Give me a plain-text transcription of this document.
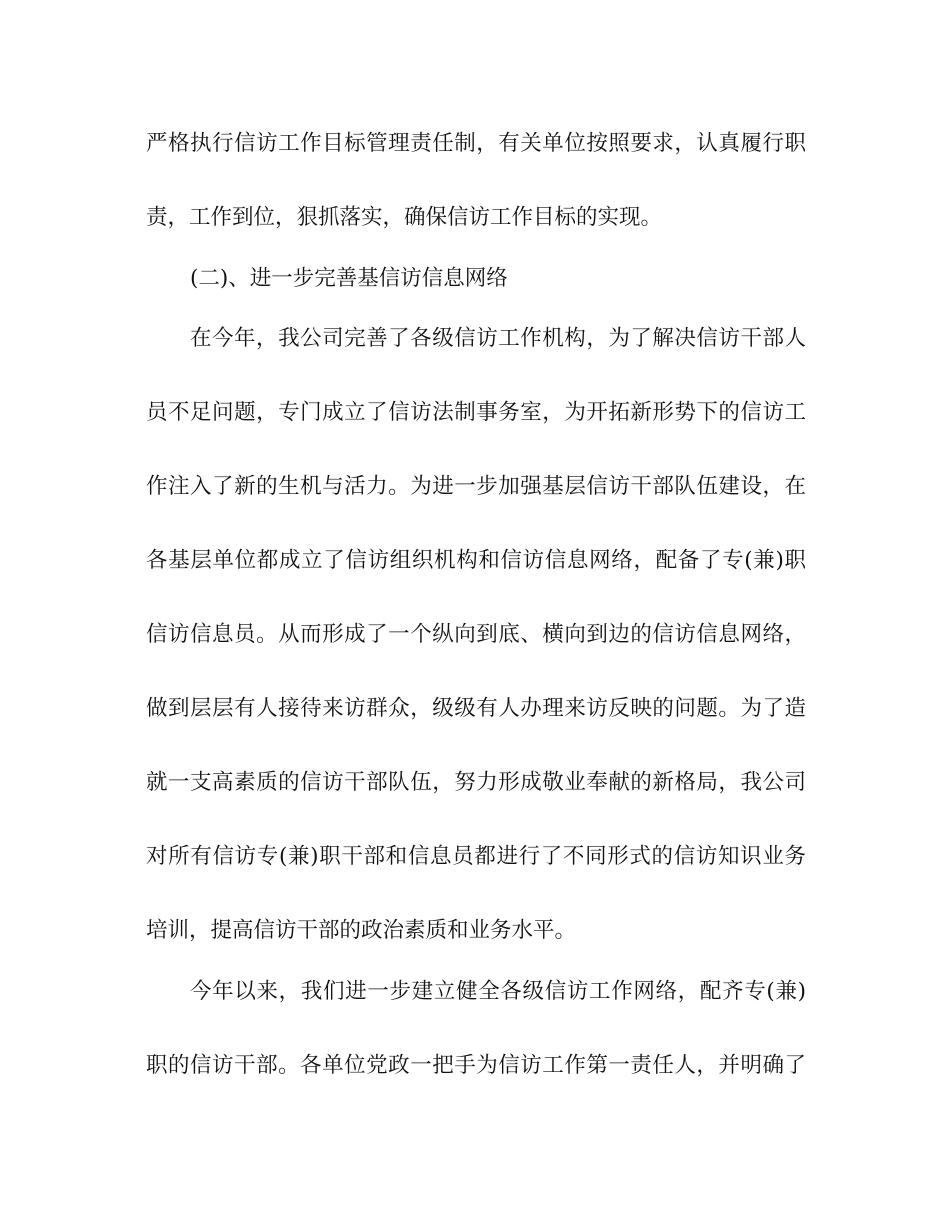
严格执行信访工作目标管理责任制，有关单位按照要求，认真履行职
责，工作到位，狠抓落实，确保信访工作目标的实现。
(二)、进一步完善基信访信息网络
在今年，我公司完善了各级信访工作机构，为了解决信访干部人
员不足问题，专门成立了信访法制事务室，为开拓新形势下的信访工
作注入了新的生机与活力。为进一步加强基层信访干部队伍建设，在
各基层单位都成立了信访组织机构和信访信息网络，配备了专(兼)职
信访信息员。从而形成了一个纵向到底、横向到边的信访信息网络，
做到层层有人接待来访群众，级级有人办理来访反映的问题。为了造
就一支高素质的信访干部队伍，努力形成敬业奉献的新格局，我公司
对所有信访专(兼)职干部和信息员都进行了不同形式的信访知识业务
培训，提高信访干部的政治素质和业务水平。
今年以来，我们进一步建立健全各级信访工作网络，配齐专(兼)
职的信访干部。各单位党政一把手为信访工作第一责任人，并明确了
